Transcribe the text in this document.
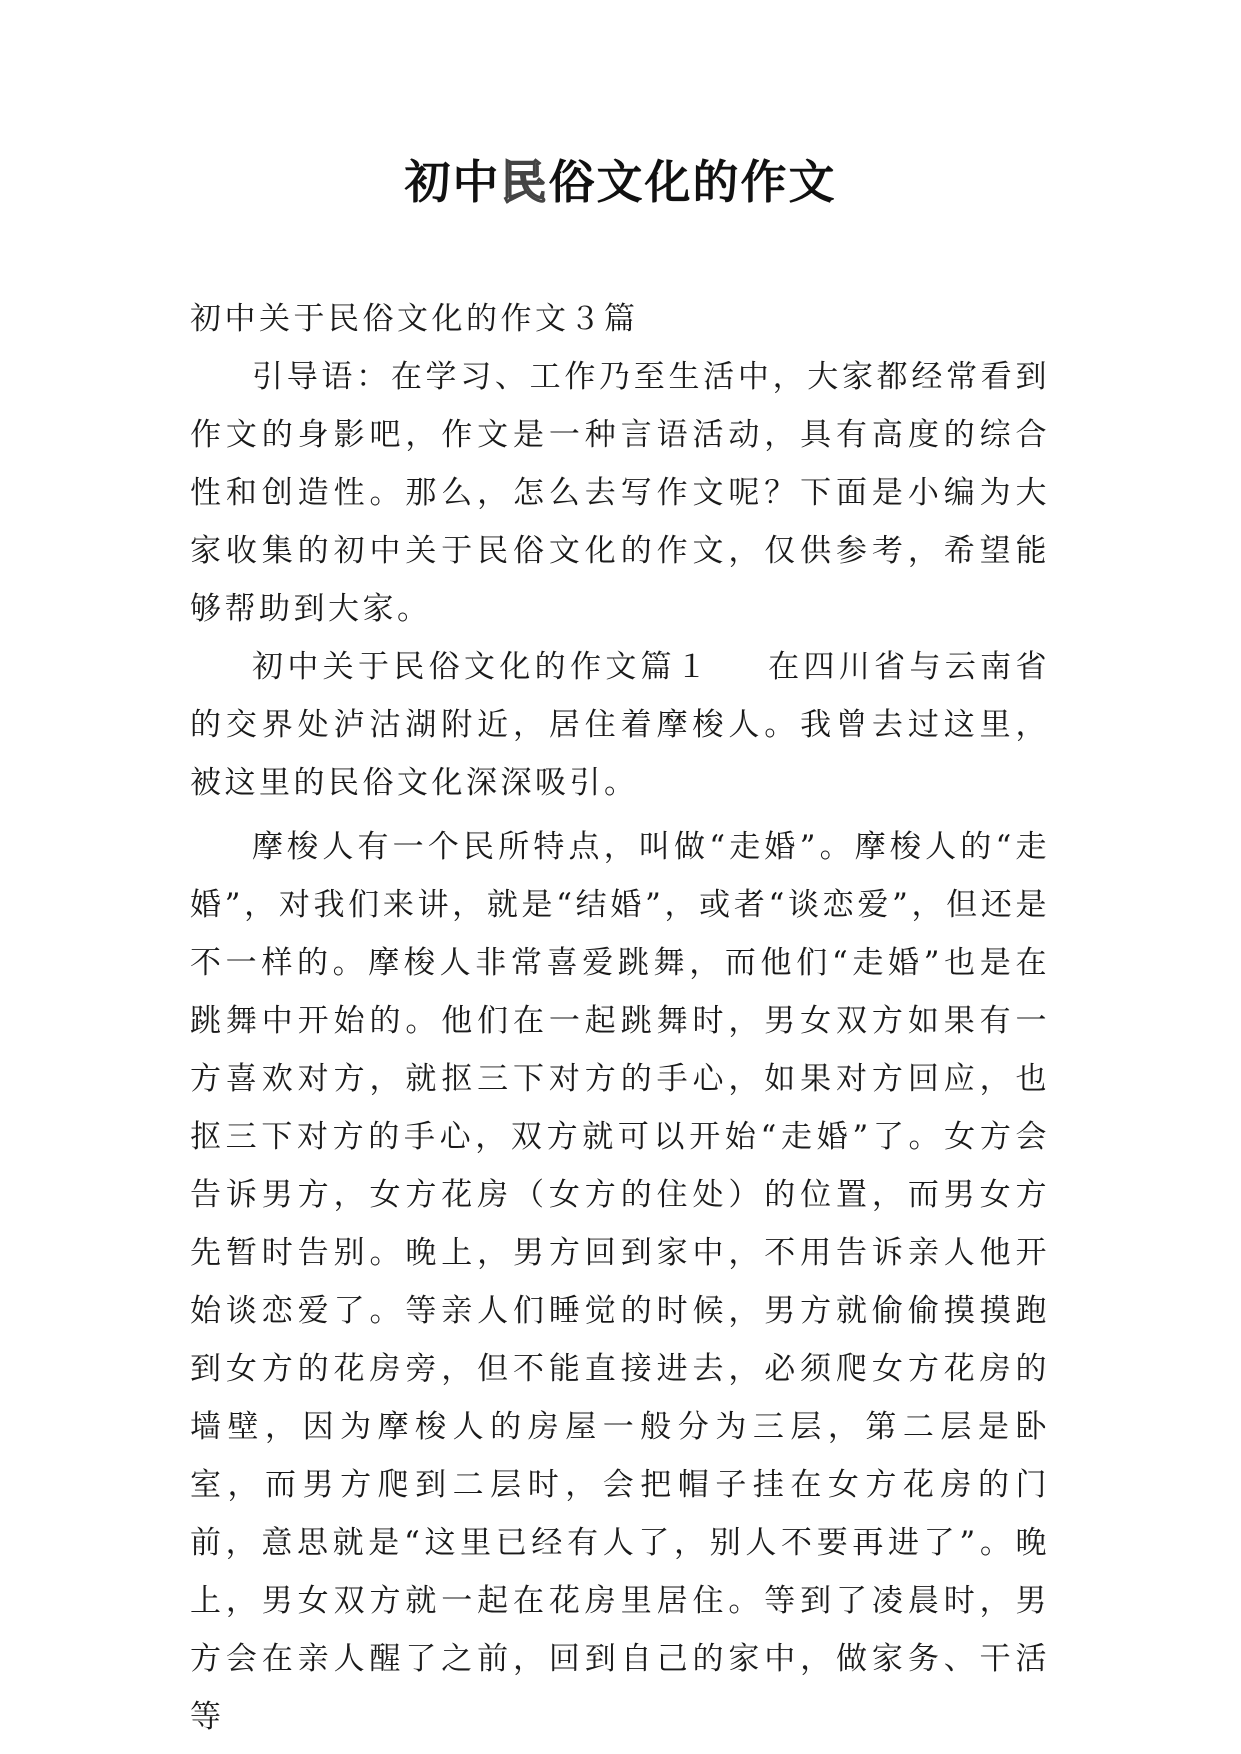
初中民俗文化的作文

初中关于民俗文化的作文３篇

引导语：在学习、工作乃至生活中，大家都经常看到作文的身影吧，作文是一种言语活动，具有高度的综合性和创造性。那么，怎么去写作文呢？下面是小编为大家收集的初中关于民俗文化的作文，仅供参考，希望能够帮助到大家。

初中关于民俗文化的作文篇１ 在四川省与云南省的交界处泸沽湖附近，居住着摩梭人。我曾去过这里，被这里的民俗文化深深吸引。

摩梭人有一个民所特点，叫做“走婚”。摩梭人的“走婚”，对我们来讲，就是“结婚”，或者“谈恋爱”，但还是不一样的。摩梭人非常喜爱跳舞，而他们“走婚”也是在跳舞中开始的。他们在一起跳舞时，男女双方如果有一方喜欢对方，就抠三下对方的手心，如果对方回应，也抠三下对方的手心，双方就可以开始“走婚”了。女方会告诉男方，女方花房（女方的住处）的位置，而男女方先暂时告别。晚上，男方回到家中，不用告诉亲人他开始谈恋爱了。等亲人们睡觉的时候，男方就偷偷摸摸跑到女方的花房旁，但不能直接进去，必须爬女方花房的墙壁，因为摩梭人的房屋一般分为三层，第二层是卧室，而男方爬到二层时，会把帽子挂在女方花房的门前，意思就是“这里已经有人了，别人不要再进了”。晚上，男女双方就一起在花房里居住。等到了凌晨时，男方会在亲人醒了之前，回到自己的家中，做家务、干活等
